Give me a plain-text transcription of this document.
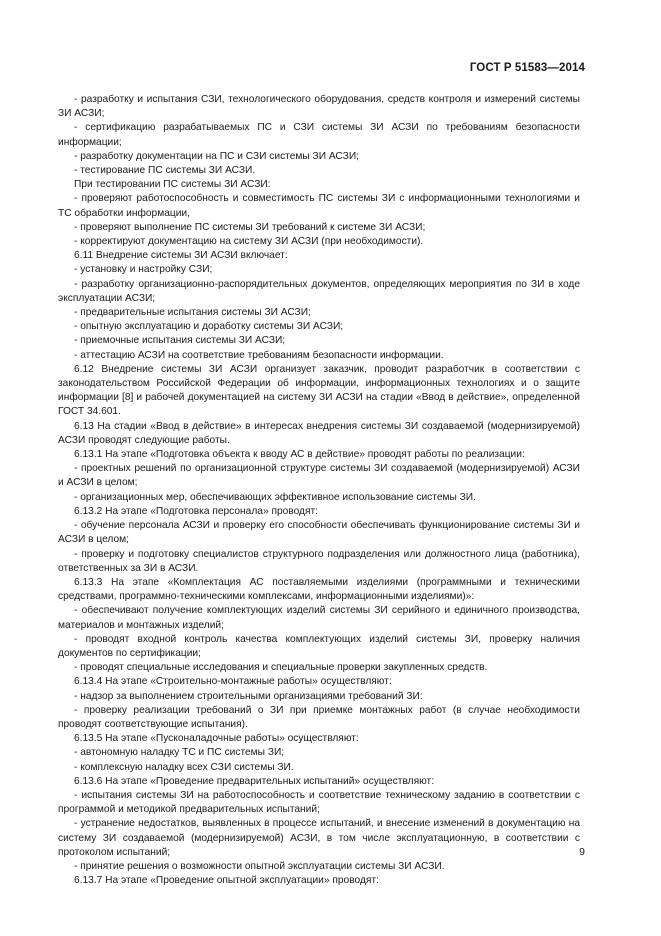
ГОСТ Р 51583—2014

- разработку и испытания СЗИ, технологического оборудования, средств контроля и измерений системы ЗИ АСЗИ;

- сертификацию разрабатываемых ПС и СЗИ системы ЗИ АСЗИ по требованиям безопасности информации;

- разработку документации на ПС и СЗИ системы ЗИ АСЗИ;

- тестирование ПС системы ЗИ АСЗИ.

При тестировании ПС системы ЗИ АСЗИ:

- проверяют работоспособность и совместимость ПС системы ЗИ с информационными технологиями и ТС обработки информации,

- проверяют выполнение ПС системы ЗИ требований к системе ЗИ АСЗИ;

- корректируют документацию на систему ЗИ АСЗИ (при необходимости).

6.11 Внедрение системы ЗИ АСЗИ включает:

- установку и настройку СЗИ;

- разработку организационно-распорядительных документов, определяющих мероприятия по ЗИ в ходе эксплуатации АСЗИ;

- предварительные испытания системы ЗИ АСЗИ;

- опытную эксплуатацию и доработку системы ЗИ АСЗИ;

- приемочные испытания системы ЗИ АСЗИ;

- аттестацию АСЗИ на соответствие требованиям безопасности информации.

6.12 Внедрение системы ЗИ АСЗИ организует заказчик, проводит разработчик в соответствии с законодательством Российской Федерации об информации, информационных технологиях и о защите информации [8] и рабочей документацией на систему ЗИ АСЗИ на стадии «Ввод в действие», определенной ГОСТ 34.601.

6.13 На стадии «Ввод в действие» в интересах внедрения системы ЗИ создаваемой (модернизируемой) АСЗИ проводят следующие работы.

6.13.1 На этапе «Подготовка объекта к вводу АС в действие» проводят работы по реализации:

- проектных решений по организационной структуре системы ЗИ создаваемой (модернизируемой) АСЗИ и АСЗИ в целом;

- организационных мер, обеспечивающих эффективное использование системы ЗИ.

6.13.2 На этапе «Подготовка персонала» проводят:

- обучение персонала АСЗИ и проверку его способности обеспечивать функционирование системы ЗИ и АСЗИ в целом;

- проверку и подготовку специалистов структурного подразделения или должностного лица (работника), ответственных за ЗИ в АСЗИ.

6.13.3 На этапе «Комплектация АС поставляемыми изделиями (программными и техническими средствами, программно-техническими комплексами, информационными изделиями)»:

- обеспечивают получение комплектующих изделий системы ЗИ серийного и единичного производства, материалов и монтажных изделий;

- проводят входной контроль качества комплектующих изделий системы ЗИ, проверку наличия документов по сертификации;

- проводят специальные исследования и специальные проверки закупленных средств.

6.13.4 На этапе «Строительно-монтажные работы» осуществляют:

- надзор за выполнением строительными организациями требований ЗИ:

- проверку реализации требований о ЗИ при приемке монтажных работ (в случае необходимости проводят соответствующие испытания).

6.13.5 На этапе «Пусконаладочные работы» осуществляют:

- автономную наладку ТС и ПС системы ЗИ;

- комплексную наладку всех СЗИ системы ЗИ.

6.13.6 На этапе «Проведение предварительных испытаний» осуществляют:

- испытания системы ЗИ на работоспособность и соответствие техническому заданию в соответствии с программой и методикой предварительных испытаний;

- устранение недостатков, выявленных в процессе испытаний, и внесение изменений в документацию на систему ЗИ создаваемой (модернизируемой) АСЗИ, в том числе эксплуатационную, в соответствии с протоколом испытаний;

- принятие решения о возможности опытной эксплуатации системы ЗИ АСЗИ.

6.13.7 На этапе «Проведение опытной эксплуатации» проводят:

9
